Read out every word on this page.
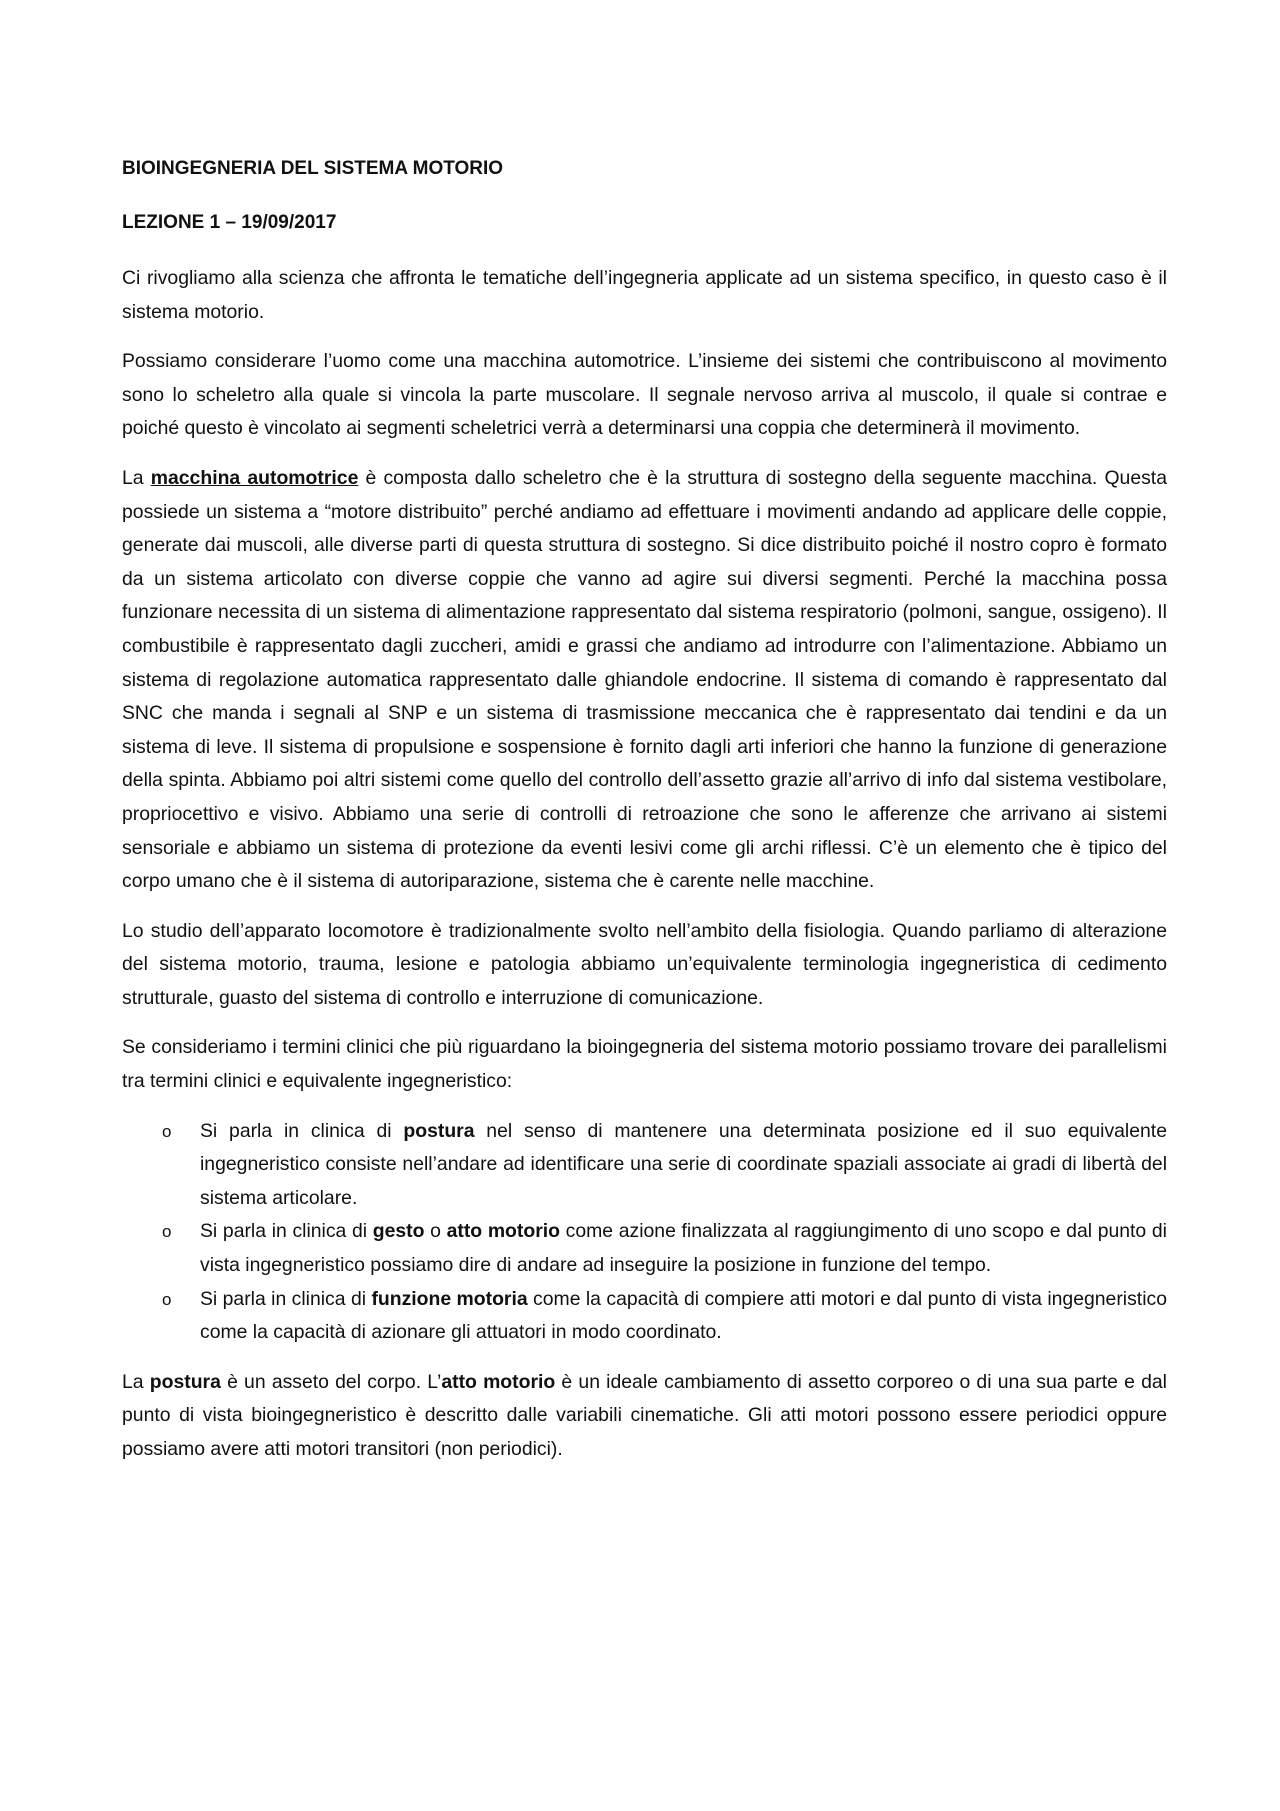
BIOINGEGNERIA DEL SISTEMA MOTORIO
LEZIONE 1 – 19/09/2017

Ci rivogliamo alla scienza che affronta le tematiche dell’ingegneria applicate ad un sistema specifico, in questo caso è il sistema motorio.

Possiamo considerare l’uomo come una macchina automotrice. L’insieme dei sistemi che contribuiscono al movimento sono lo scheletro alla quale si vincola la parte muscolare. Il segnale nervoso arriva al muscolo, il quale si contrae e poiché questo è vincolato ai segmenti scheletrici verrà a determinarsi una coppia che determinerà il movimento.

La macchina automotrice è composta dallo scheletro che è la struttura di sostegno della seguente macchina. Questa possiede un sistema a “motore distribuito” perché andiamo ad effettuare i movimenti andando ad applicare delle coppie, generate dai muscoli, alle diverse parti di questa struttura di sostegno. Si dice distribuito poiché il nostro copro è formato da un sistema articolato con diverse coppie che vanno ad agire sui diversi segmenti. Perché la macchina possa funzionare necessita di un sistema di alimentazione rappresentato dal sistema respiratorio (polmoni, sangue, ossigeno). Il combustibile è rappresentato dagli zuccheri, amidi e grassi che andiamo ad introdurre con l’alimentazione. Abbiamo un sistema di regolazione automatica rappresentato dalle ghiandole endocrine. Il sistema di comando è rappresentato dal SNC che manda i segnali al SNP e un sistema di trasmissione meccanica che è rappresentato dai tendini e da un sistema di leve. Il sistema di propulsione e sospensione è fornito dagli arti inferiori che hanno la funzione di generazione della spinta. Abbiamo poi altri sistemi come quello del controllo dell’assetto grazie all’arrivo di info dal sistema vestibolare, propriocettivo e visivo. Abbiamo una serie di controlli di retroazione che sono le afferenze che arrivano ai sistemi sensoriale e abbiamo un sistema di protezione da eventi lesivi come gli archi riflessi. C’è un elemento che è tipico del corpo umano che è il sistema di autoriparazione, sistema che è carente nelle macchine.

Lo studio dell’apparato locomotore è tradizionalmente svolto nell’ambito della fisiologia. Quando parliamo di alterazione del sistema motorio, trauma, lesione e patologia abbiamo un’equivalente terminologia ingegneristica di cedimento strutturale, guasto del sistema di controllo e interruzione di comunicazione.

Se consideriamo i termini clinici che più riguardano la bioingegneria del sistema motorio possiamo trovare dei parallelismi tra termini clinici e equivalente ingegneristico:

o Si parla in clinica di postura nel senso di mantenere una determinata posizione ed il suo equivalente ingegneristico consiste nell’andare ad identificare una serie di coordinate spaziali associate ai gradi di libertà del sistema articolare.
o Si parla in clinica di gesto o atto motorio come azione finalizzata al raggiungimento di uno scopo e dal punto di vista ingegneristico possiamo dire di andare ad inseguire la posizione in funzione del tempo.
o Si parla in clinica di funzione motoria come la capacità di compiere atti motori e dal punto di vista ingegneristico come la capacità di azionare gli attuatori in modo coordinato.

La postura è un asseto del corpo. L’atto motorio è un ideale cambiamento di assetto corporeo o di una sua parte e dal punto di vista bioingegneristico è descritto dalle variabili cinematiche. Gli atti motori possono essere periodici oppure possiamo avere atti motori transitori (non periodici).
